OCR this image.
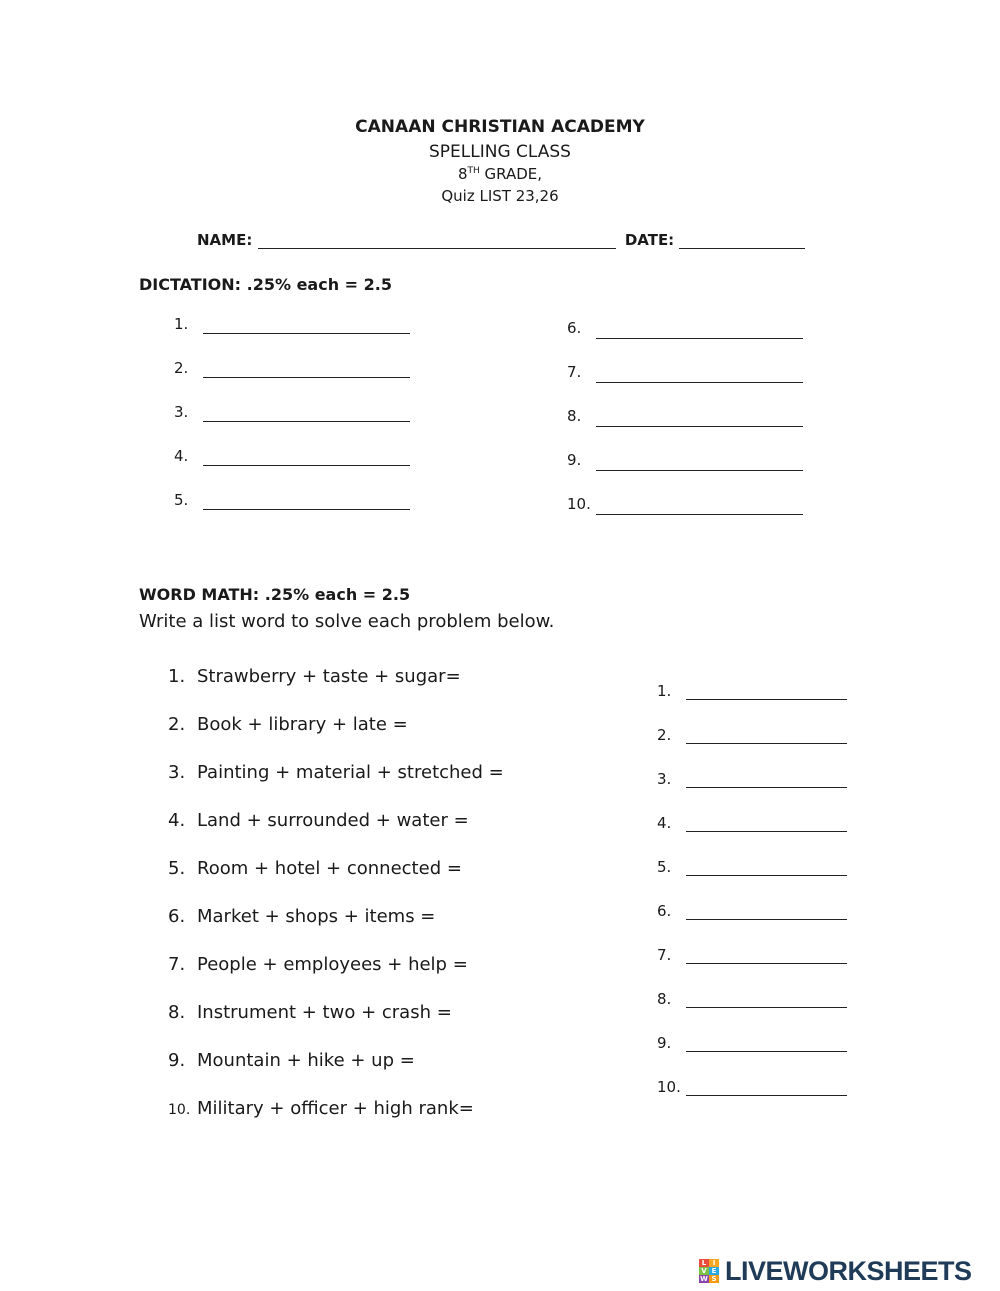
CANAAN CHRISTIAN ACADEMY
SPELLING CLASS
8TH GRADE,
Quiz LIST 23,26
NAME:	DATE:
DICTATION: .25% each = 2.5
1.
2.
3.
4.
5.
6.
7.
8.
9.
10.
WORD MATH: .25% each = 2.5
Write a list word to solve each problem below.
1. Strawberry + taste + sugar=
2. Book + library + late =
3. Painting + material + stretched =
4. Land + surrounded + water =
5. Room + hotel + connected =
6. Market + shops + items =
7. People + employees + help =
8. Instrument + two + crash =
9. Mountain + hike + up =
10. Military + officer + high rank=
1.
2.
3.
4.
5.
6.
7.
8.
9.
10.
L I
V E
W S LIVEWORKSHEETS
